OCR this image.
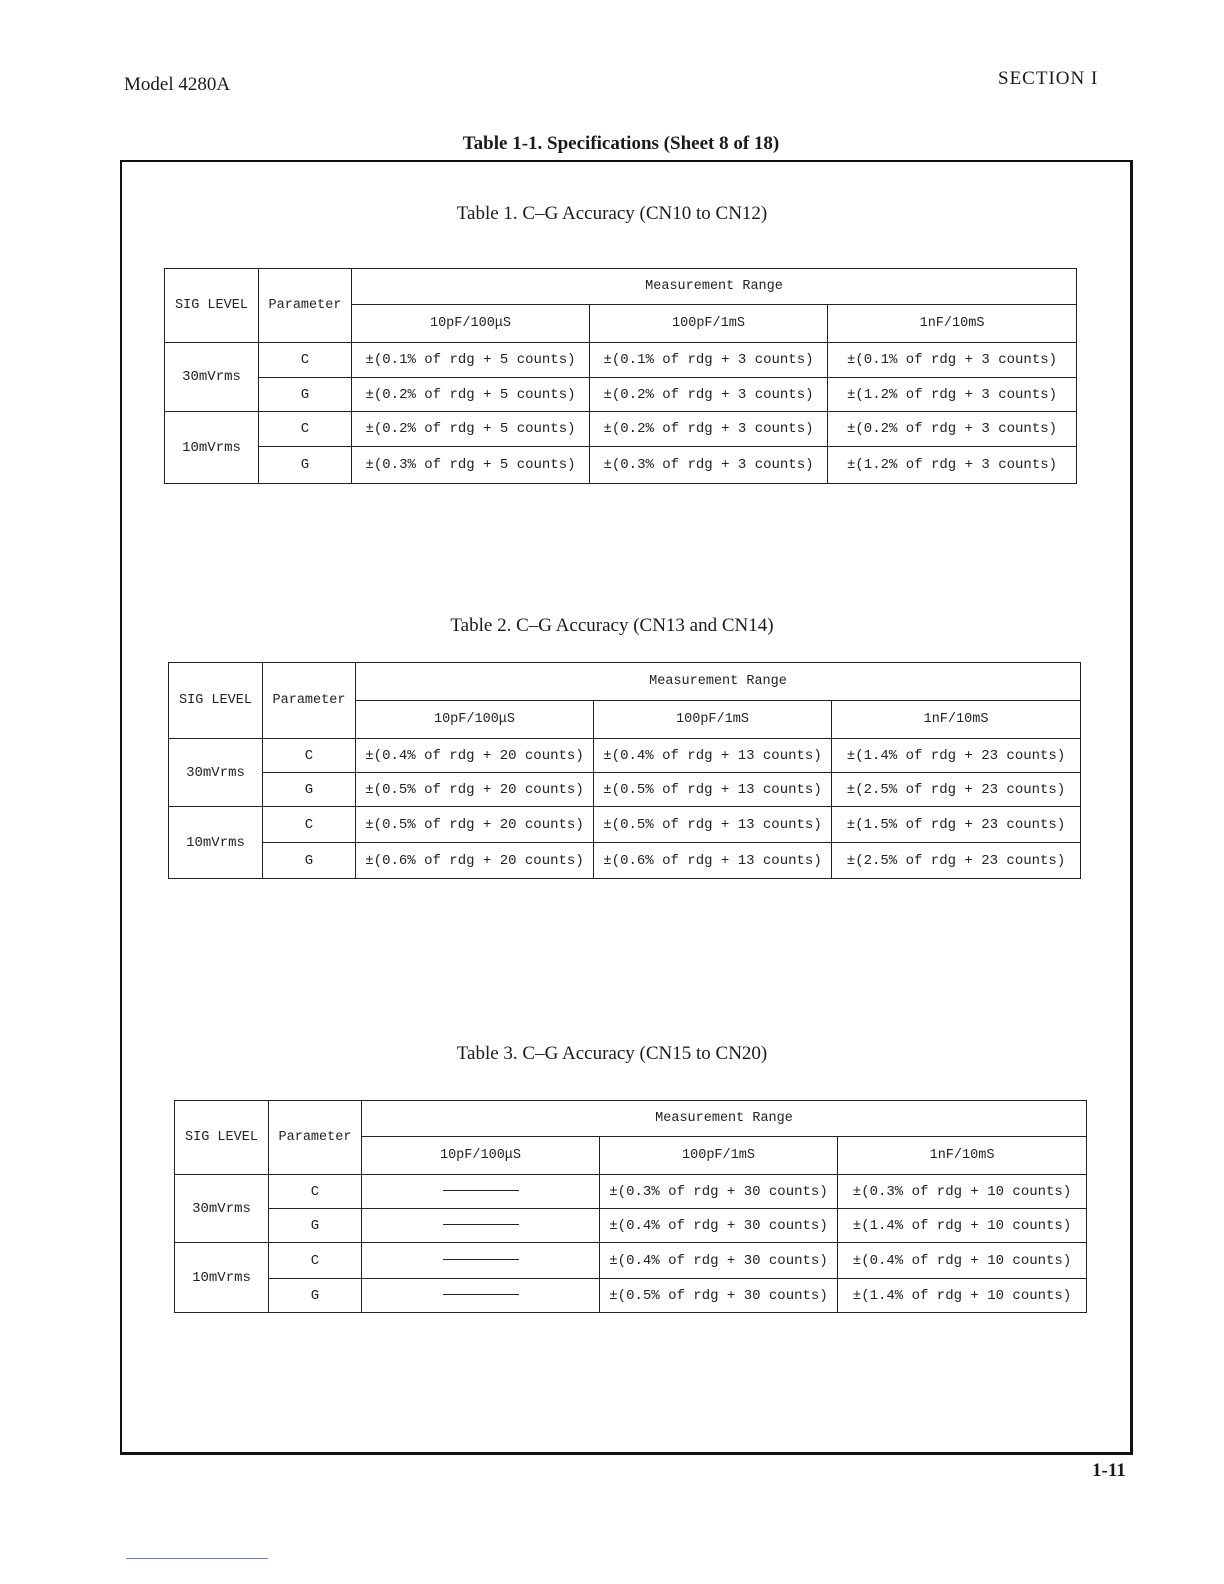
Model 4280A	SECTION I
Table 1-1. Specifications (Sheet 8 of 18)
Table 1. C–G Accuracy (CN10 to CN12)
SIG LEVEL	Parameter	Measurement Range		
		10pF/100μS	100pF/1mS	1nF/10mS
30mVrms	C	±(0.1% of rdg + 5 counts)	±(0.1% of rdg + 3 counts)	±(0.1% of rdg + 3 counts)
	G	±(0.2% of rdg + 5 counts)	±(0.2% of rdg + 3 counts)	±(1.2% of rdg + 3 counts)
10mVrms	C	±(0.2% of rdg + 5 counts)	±(0.2% of rdg + 3 counts)	±(0.2% of rdg + 3 counts)
	G	±(0.3% of rdg + 5 counts)	±(0.3% of rdg + 3 counts)	±(1.2% of rdg + 3 counts)
Table 2. C–G Accuracy (CN13 and CN14)
SIG LEVEL	Parameter	Measurement Range		
		10pF/100μS	100pF/1mS	1nF/10mS
30mVrms	C	±(0.4% of rdg + 20 counts)	±(0.4% of rdg + 13 counts)	±(1.4% of rdg + 23 counts)
	G	±(0.5% of rdg + 20 counts)	±(0.5% of rdg + 13 counts)	±(2.5% of rdg + 23 counts)
10mVrms	C	±(0.5% of rdg + 20 counts)	±(0.5% of rdg + 13 counts)	±(1.5% of rdg + 23 counts)
	G	±(0.6% of rdg + 20 counts)	±(0.6% of rdg + 13 counts)	±(2.5% of rdg + 23 counts)
Table 3. C–G Accuracy (CN15 to CN20)
SIG LEVEL	Parameter	Measurement Range		
		10pF/100μS	100pF/1mS	1nF/10mS
30mVrms	C		±(0.3% of rdg + 30 counts)	±(0.3% of rdg + 10 counts)
	G		±(0.4% of rdg + 30 counts)	±(1.4% of rdg + 10 counts)
10mVrms	C		±(0.4% of rdg + 30 counts)	±(0.4% of rdg + 10 counts)
	G		±(0.5% of rdg + 30 counts)	±(1.4% of rdg + 10 counts)
1-11
